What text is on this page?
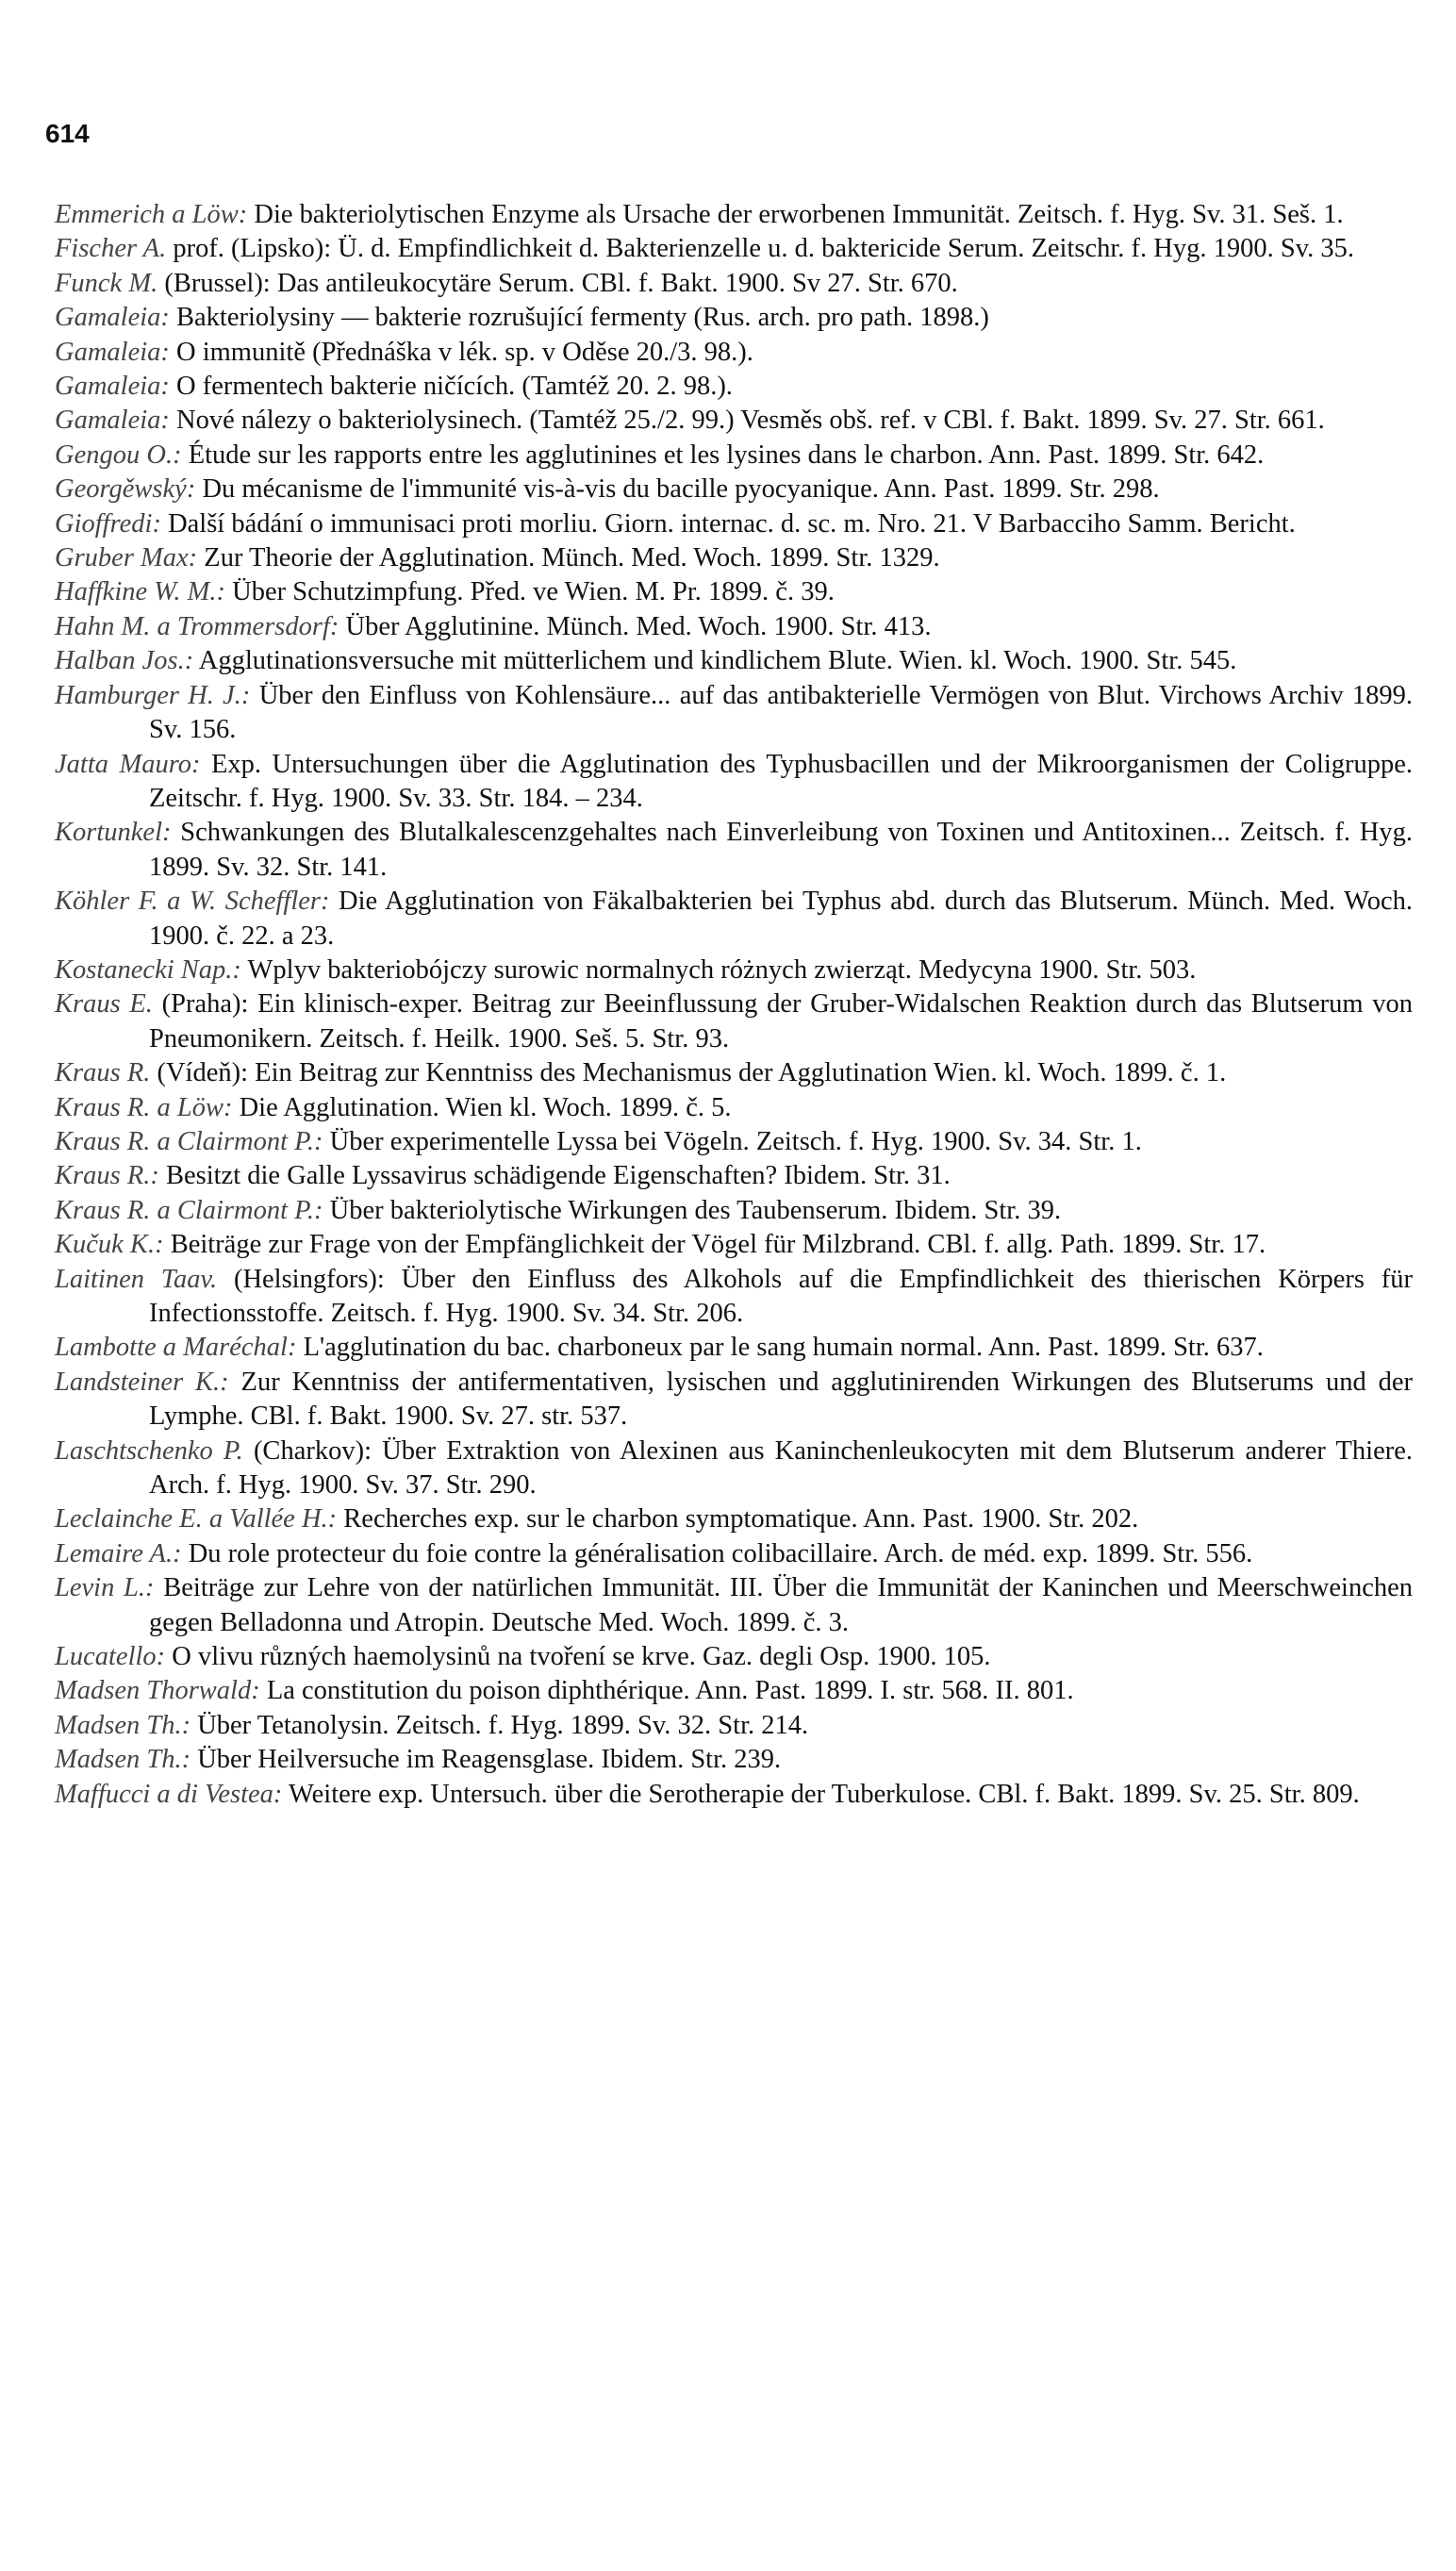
614

Emmerich a Löw: Die bakteriolytischen Enzyme als Ursache der erworbenen Immunität. Zeitsch. f. Hyg. Sv. 31. Seš. 1.

Fischer A. prof. (Lipsko): Ü. d. Empfindlichkeit d. Bakterienzelle u. d. baktericide Serum. Zeitschr. f. Hyg. 1900. Sv. 35.

Funck M. (Brussel): Das antileukocytäre Serum. CBl. f. Bakt. 1900. Sv 27. Str. 670.

Gamaleia: Bakteriolysiny — bakterie rozrušující fermenty (Rus. arch. pro path. 1898.)

Gamaleia: O immunitě (Přednáška v lék. sp. v Oděse 20./3. 98.).

Gamaleia: O fermentech bakterie ničících. (Tamtéž 20. 2. 98.).

Gamaleia: Nové nálezy o bakteriolysinech. (Tamtéž 25./2. 99.) Vesměs obš. ref. v CBl. f. Bakt. 1899. Sv. 27. Str. 661.

Gengou O.: Étude sur les rapports entre les agglutinines et les lysines dans le charbon. Ann. Past. 1899. Str. 642.

Georgěwský: Du mécanisme de l'immunité vis-à-vis du bacille pyocyanique. Ann. Past. 1899. Str. 298.

Gioffredi: Další bádání o immunisaci proti morliu. Giorn. internac. d. sc. m. Nro. 21. V Barbacciho Samm. Bericht.

Gruber Max: Zur Theorie der Agglutination. Münch. Med. Woch. 1899. Str. 1329.

Haffkine W. M.: Über Schutzimpfung. Před. ve Wien. M. Pr. 1899. č. 39.

Hahn M. a Trommersdorf: Über Agglutinine. Münch. Med. Woch. 1900. Str. 413.

Halban Jos.: Agglutinationsversuche mit mütterlichem und kindlichem Blute. Wien. kl. Woch. 1900. Str. 545.

Hamburger H. J.: Über den Einfluss von Kohlensäure... auf das antibakterielle Vermögen von Blut. Virchows Archiv 1899. Sv. 156.

Jatta Mauro: Exp. Untersuchungen über die Agglutination des Typhusbacillen und der Mikroorganismen der Coligruppe. Zeitschr. f. Hyg. 1900. Sv. 33. Str. 184. – 234.

Kortunkel: Schwankungen des Blutalkalescenzgehaltes nach Einverleibung von Toxinen und Antitoxinen... Zeitsch. f. Hyg. 1899. Sv. 32. Str. 141.

Köhler F. a W. Scheffler: Die Agglutination von Fäkalbakterien bei Typhus abd. durch das Blutserum. Münch. Med. Woch. 1900. č. 22. a 23.

Kostanecki Nap.: Wplyv bakteriobójczy surowic normalnych różnych zwierząt. Medycyna 1900. Str. 503.

Kraus E. (Praha): Ein klinisch-exper. Beitrag zur Beeinflussung der Gruber-Widalschen Reaktion durch das Blutserum von Pneumonikern. Zeitsch. f. Heilk. 1900. Seš. 5. Str. 93.

Kraus R. (Vídeň): Ein Beitrag zur Kenntniss des Mechanismus der Agglutination Wien. kl. Woch. 1899. č. 1.

Kraus R. a Löw: Die Agglutination. Wien kl. Woch. 1899. č. 5.

Kraus R. a Clairmont P.: Über experimentelle Lyssa bei Vögeln. Zeitsch. f. Hyg. 1900. Sv. 34. Str. 1.

Kraus R.: Besitzt die Galle Lyssavirus schädigende Eigenschaften? Ibidem. Str. 31.

Kraus R. a Clairmont P.: Über bakteriolytische Wirkungen des Taubenserum. Ibidem. Str. 39.

Kučuk K.: Beiträge zur Frage von der Empfänglichkeit der Vögel für Milzbrand. CBl. f. allg. Path. 1899. Str. 17.

Laitinen Taav. (Helsingfors): Über den Einfluss des Alkohols auf die Empfindlichkeit des thierischen Körpers für Infectionsstoffe. Zeitsch. f. Hyg. 1900. Sv. 34. Str. 206.

Lambotte a Maréchal: L'agglutination du bac. charboneux par le sang humain normal. Ann. Past. 1899. Str. 637.

Landsteiner K.: Zur Kenntniss der antifermentativen, lysischen und agglutinirenden Wirkungen des Blutserums und der Lymphe. CBl. f. Bakt. 1900. Sv. 27. str. 537.

Laschtschenko P. (Charkov): Über Extraktion von Alexinen aus Kaninchenleukocyten mit dem Blutserum anderer Thiere. Arch. f. Hyg. 1900. Sv. 37. Str. 290.

Leclainche E. a Vallée H.: Recherches exp. sur le charbon symptomatique. Ann. Past. 1900. Str. 202.

Lemaire A.: Du role protecteur du foie contre la généralisation colibacillaire. Arch. de méd. exp. 1899. Str. 556.

Levin L.: Beiträge zur Lehre von der natürlichen Immunität. III. Über die Immunität der Kaninchen und Meerschweinchen gegen Belladonna und Atropin. Deutsche Med. Woch. 1899. č. 3.

Lucatello: O vlivu různých haemolysinů na tvoření se krve. Gaz. degli Osp. 1900. 105.

Madsen Thorwald: La constitution du poison diphthérique. Ann. Past. 1899. I. str. 568. II. 801.

Madsen Th.: Über Tetanolysin. Zeitsch. f. Hyg. 1899. Sv. 32. Str. 214.

Madsen Th.: Über Heilversuche im Reagensglase. Ibidem. Str. 239.

Maffucci a di Vestea: Weitere exp. Untersuch. über die Serotherapie der Tuberkulose. CBl. f. Bakt. 1899. Sv. 25. Str. 809.
